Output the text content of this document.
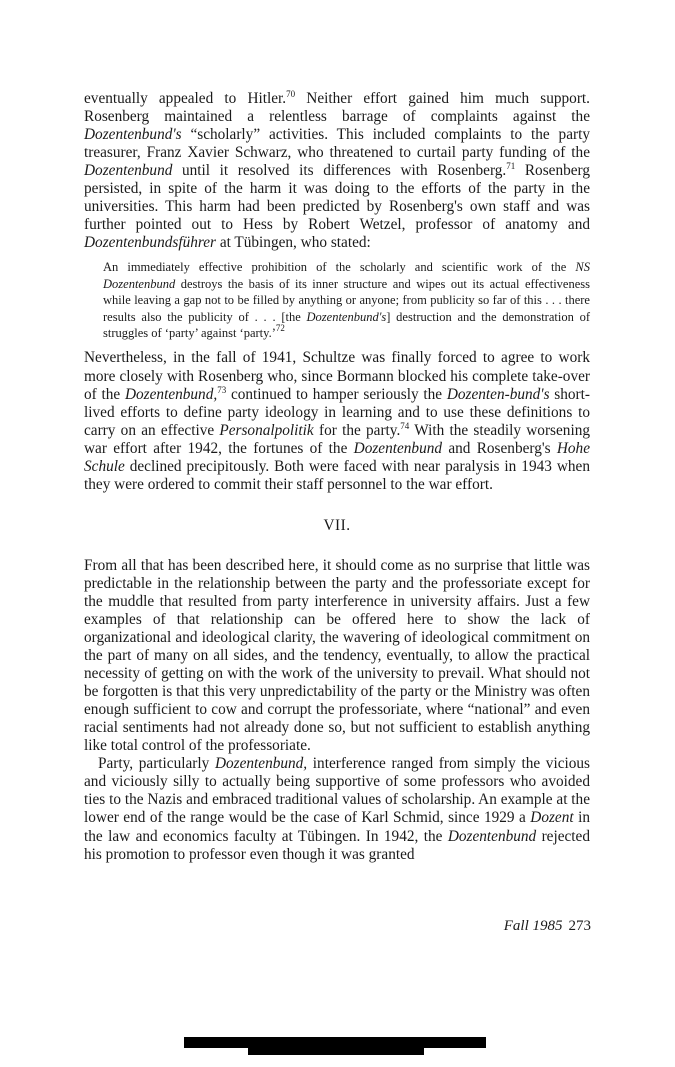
eventually appealed to Hitler.$^{70}$ Neither effort gained him much support. Rosenberg maintained a relentless barrage of complaints against the Dozentenbund's “scholarly” activities. This included complaints to the party treasurer, Franz Xavier Schwarz, who threatened to curtail party funding of the Dozentenbund until it resolved its differences with Rosenberg.$^{71}$ Rosenberg persisted, in spite of the harm it was doing to the efforts of the party in the universities. This harm had been predicted by Rosenberg's own staff and was further pointed out to Hess by Robert Wetzel, professor of anatomy and Dozentenbundsführer at Tübingen, who stated:

An immediately effective prohibition of the scholarly and scientific work of the NS Dozentenbund destroys the basis of its inner structure and wipes out its actual effectiveness while leaving a gap not to be filled by anything or anyone; from publicity so far of this . . . there results also the publicity of . . . [the Dozentenbund's] destruction and the demonstration of struggles of ‘party’ against ‘party.’$^{72}$

Nevertheless, in the fall of 1941, Schultze was finally forced to agree to work more closely with Rosenberg who, since Bormann blocked his complete take-over of the Dozentenbund,$^{73}$ continued to hamper seriously the Dozenten-bund's short-lived efforts to define party ideology in learning and to use these definitions to carry on an effective Personalpolitik for the party.$^{74}$ With the steadily worsening war effort after 1942, the fortunes of the Dozentenbund and Rosenberg's Hohe Schule declined precipitously. Both were faced with near paralysis in 1943 when they were ordered to commit their staff personnel to the war effort.

VII.

From all that has been described here, it should come as no surprise that little was predictable in the relationship between the party and the professoriate except for the muddle that resulted from party interference in university affairs. Just a few examples of that relationship can be offered here to show the lack of organizational and ideological clarity, the wavering of ideological commitment on the part of many on all sides, and the tendency, eventually, to allow the practical necessity of getting on with the work of the university to prevail. What should not be forgotten is that this very unpredictability of the party or the Ministry was often enough sufficient to cow and corrupt the professoriate, where “national” and even racial sentiments had not already done so, but not sufficient to establish anything like total control of the professoriate.

Party, particularly Dozentenbund, interference ranged from simply the vicious and viciously silly to actually being supportive of some professors who avoided ties to the Nazis and embraced traditional values of scholarship. An example at the lower end of the range would be the case of Karl Schmid, since 1929 a Dozent in the law and economics faculty at Tübingen. In 1942, the Dozentenbund rejected his promotion to professor even though it was granted

Fall 1985 273
